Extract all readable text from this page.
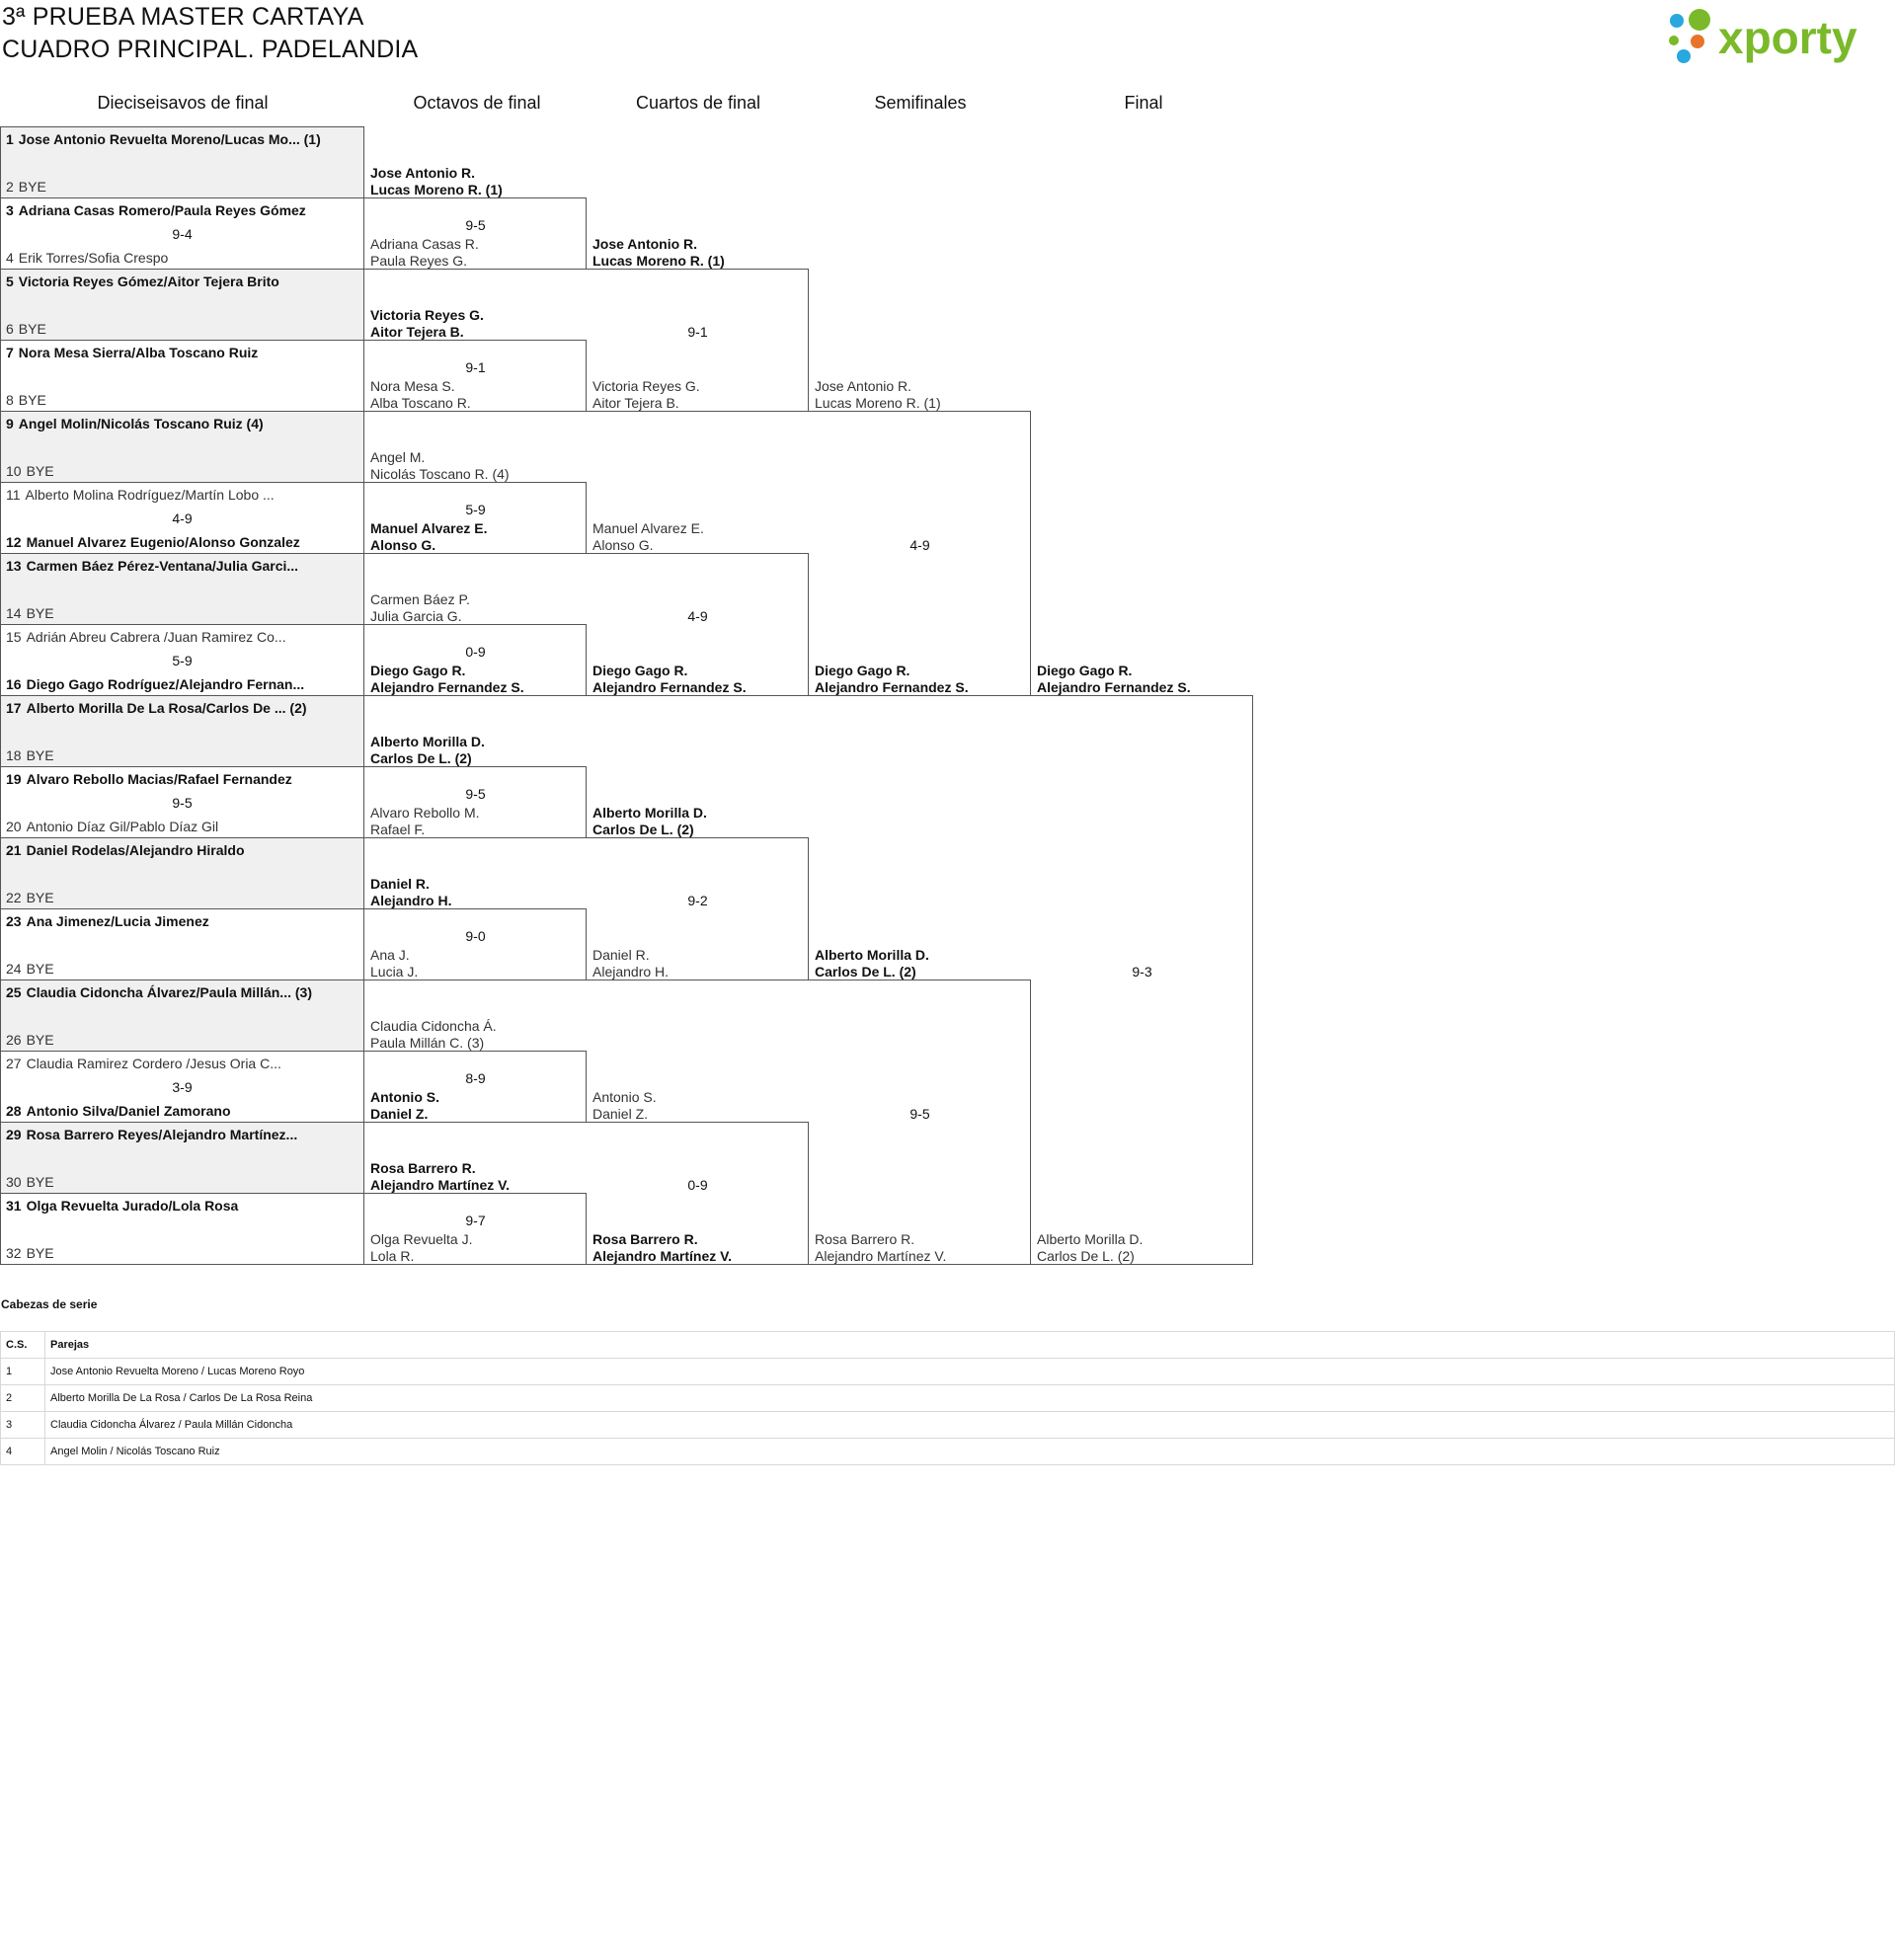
3ª PRUEBA MASTER CARTAYA
CUADRO PRINCIPAL. PADELANDIA	xporty
Dieciseisavos de final	Octavos de final	Cuartos de final	Semifinales	Final
1 Jose Antonio Revuelta Moreno/Lucas Mo... (1)
2 BYE
3 Adriana Casas Romero/Paula Reyes Gómez
4 Erik Torres/Sofia Crespo
9-4
5 Victoria Reyes Gómez/Aitor Tejera Brito
6 BYE
7 Nora Mesa Sierra/Alba Toscano Ruiz
8 BYE
9 Angel Molin/Nicolás Toscano Ruiz (4)
10 BYE
11 Alberto Molina Rodríguez/Martín Lobo ...
12 Manuel Alvarez Eugenio/Alonso Gonzalez
4-9
13 Carmen Báez Pérez-Ventana/Julia Garci...
14 BYE
15 Adrián Abreu Cabrera /Juan Ramirez Co...
16 Diego Gago Rodríguez/Alejandro Fernan...
5-9
17 Alberto Morilla De La Rosa/Carlos De ... (2)
18 BYE
19 Alvaro Rebollo Macias/Rafael Fernandez
20 Antonio Díaz Gil/Pablo Díaz Gil
9-5
21 Daniel Rodelas/Alejandro Hiraldo
22 BYE
23 Ana Jimenez/Lucia Jimenez
24 BYE
25 Claudia Cidoncha Álvarez/Paula Millán... (3)
26 BYE
27 Claudia Ramirez Cordero /Jesus Oria C...
28 Antonio Silva/Daniel Zamorano
3-9
29 Rosa Barrero Reyes/Alejandro Martínez...
30 BYE
31 Olga Revuelta Jurado/Lola Rosa
32 BYE
Jose Antonio R.
Lucas Moreno R. (1)
Adriana Casas R.
Paula Reyes G.
9-5
Victoria Reyes G.
Aitor Tejera B.
Nora Mesa S.
Alba Toscano R.
9-1
Angel M.
Nicolás Toscano R. (4)
Manuel Alvarez E.
Alonso G.
5-9
Carmen Báez P.
Julia Garcia G.
Diego Gago R.
Alejandro Fernandez S.
0-9
Alberto Morilla D.
Carlos De L. (2)
Alvaro Rebollo M.
Rafael F.
9-5
Daniel R.
Alejandro H.
Ana J.
Lucia J.
9-0
Claudia Cidoncha Á.
Paula Millán C. (3)
Antonio S.
Daniel Z.
8-9
Rosa Barrero R.
Alejandro Martínez V.
Olga Revuelta J.
Lola R.
9-7
Jose Antonio R.
Lucas Moreno R. (1)
Victoria Reyes G.
Aitor Tejera B.
9-1
Manuel Alvarez E.
Alonso G.
Diego Gago R.
Alejandro Fernandez S.
4-9
Alberto Morilla D.
Carlos De L. (2)
Daniel R.
Alejandro H.
9-2
Antonio S.
Daniel Z.
Rosa Barrero R.
Alejandro Martínez V.
0-9
Jose Antonio R.
Lucas Moreno R. (1)
Diego Gago R.
Alejandro Fernandez S.
4-9
Alberto Morilla D.
Carlos De L. (2)
Rosa Barrero R.
Alejandro Martínez V.
9-5
Diego Gago R.
Alejandro Fernandez S.
Alberto Morilla D.
Carlos De L. (2)
9-3
Cabezas de serie
C.S.	Parejas
1	Jose Antonio Revuelta Moreno / Lucas Moreno Royo
2	Alberto Morilla De La Rosa / Carlos De La Rosa Reina
3	Claudia Cidoncha Álvarez / Paula Millán Cidoncha
4	Angel Molin / Nicolás Toscano Ruiz
